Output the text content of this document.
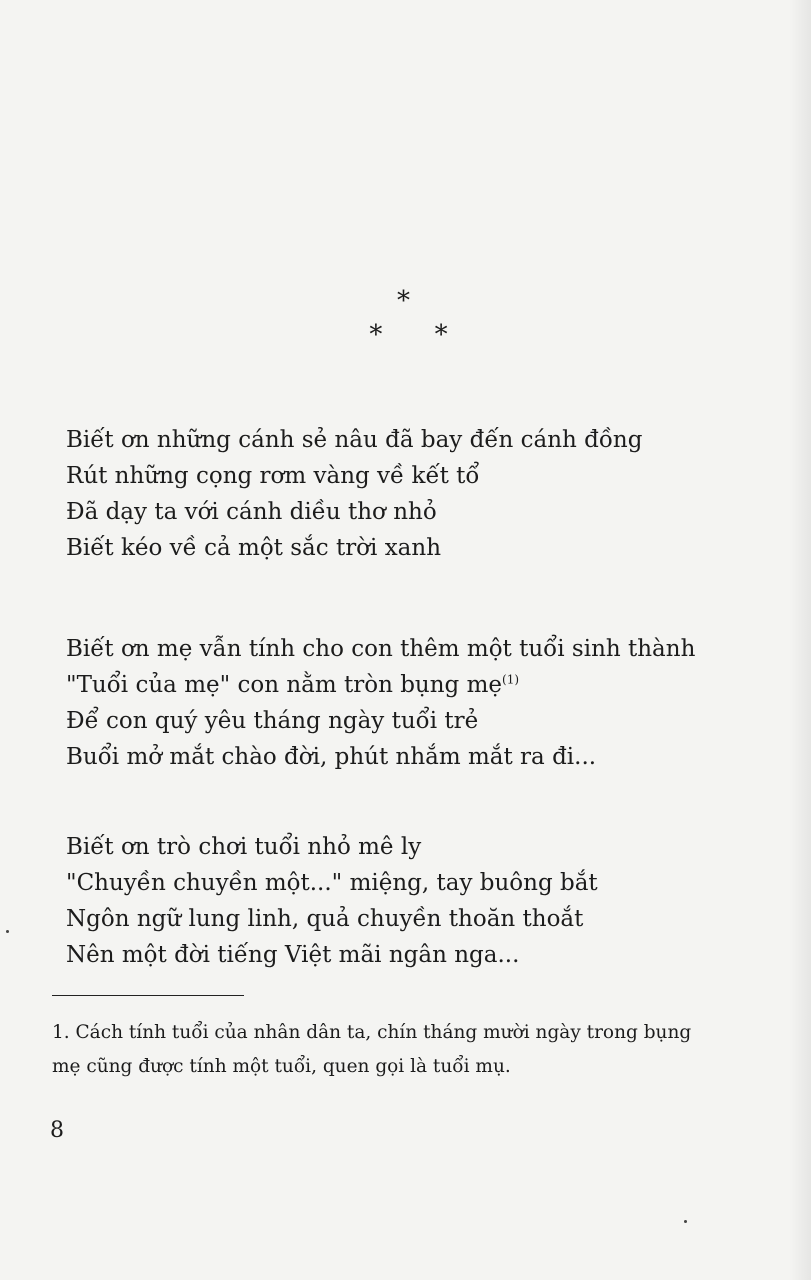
*
* *
Biết ơn những cánh sẻ nâu đã bay đến cánh đồng
Rút những cọng rơm vàng về kết tổ
Đã dạy ta với cánh diều thơ nhỏ
Biết kéo về cả một sắc trời xanh
Biết ơn mẹ vẫn tính cho con thêm một tuổi sinh thành
"Tuổi của mẹ" con nằm tròn bụng mẹ$^{(1)}$
Để con quý yêu tháng ngày tuổi trẻ
Buổi mở mắt chào đời, phút nhắm mắt ra đi...
Biết ơn trò chơi tuổi nhỏ mê ly
"Chuyền chuyền một..." miệng, tay buông bắt
Ngôn ngữ lung linh, quả chuyền thoăn thoắt
Nên một đời tiếng Việt mãi ngân nga...
1. Cách tính tuổi của nhân dân ta, chín tháng mười ngày trong bụng mẹ cũng được tính một tuổi, quen gọi là tuổi mụ.
8
